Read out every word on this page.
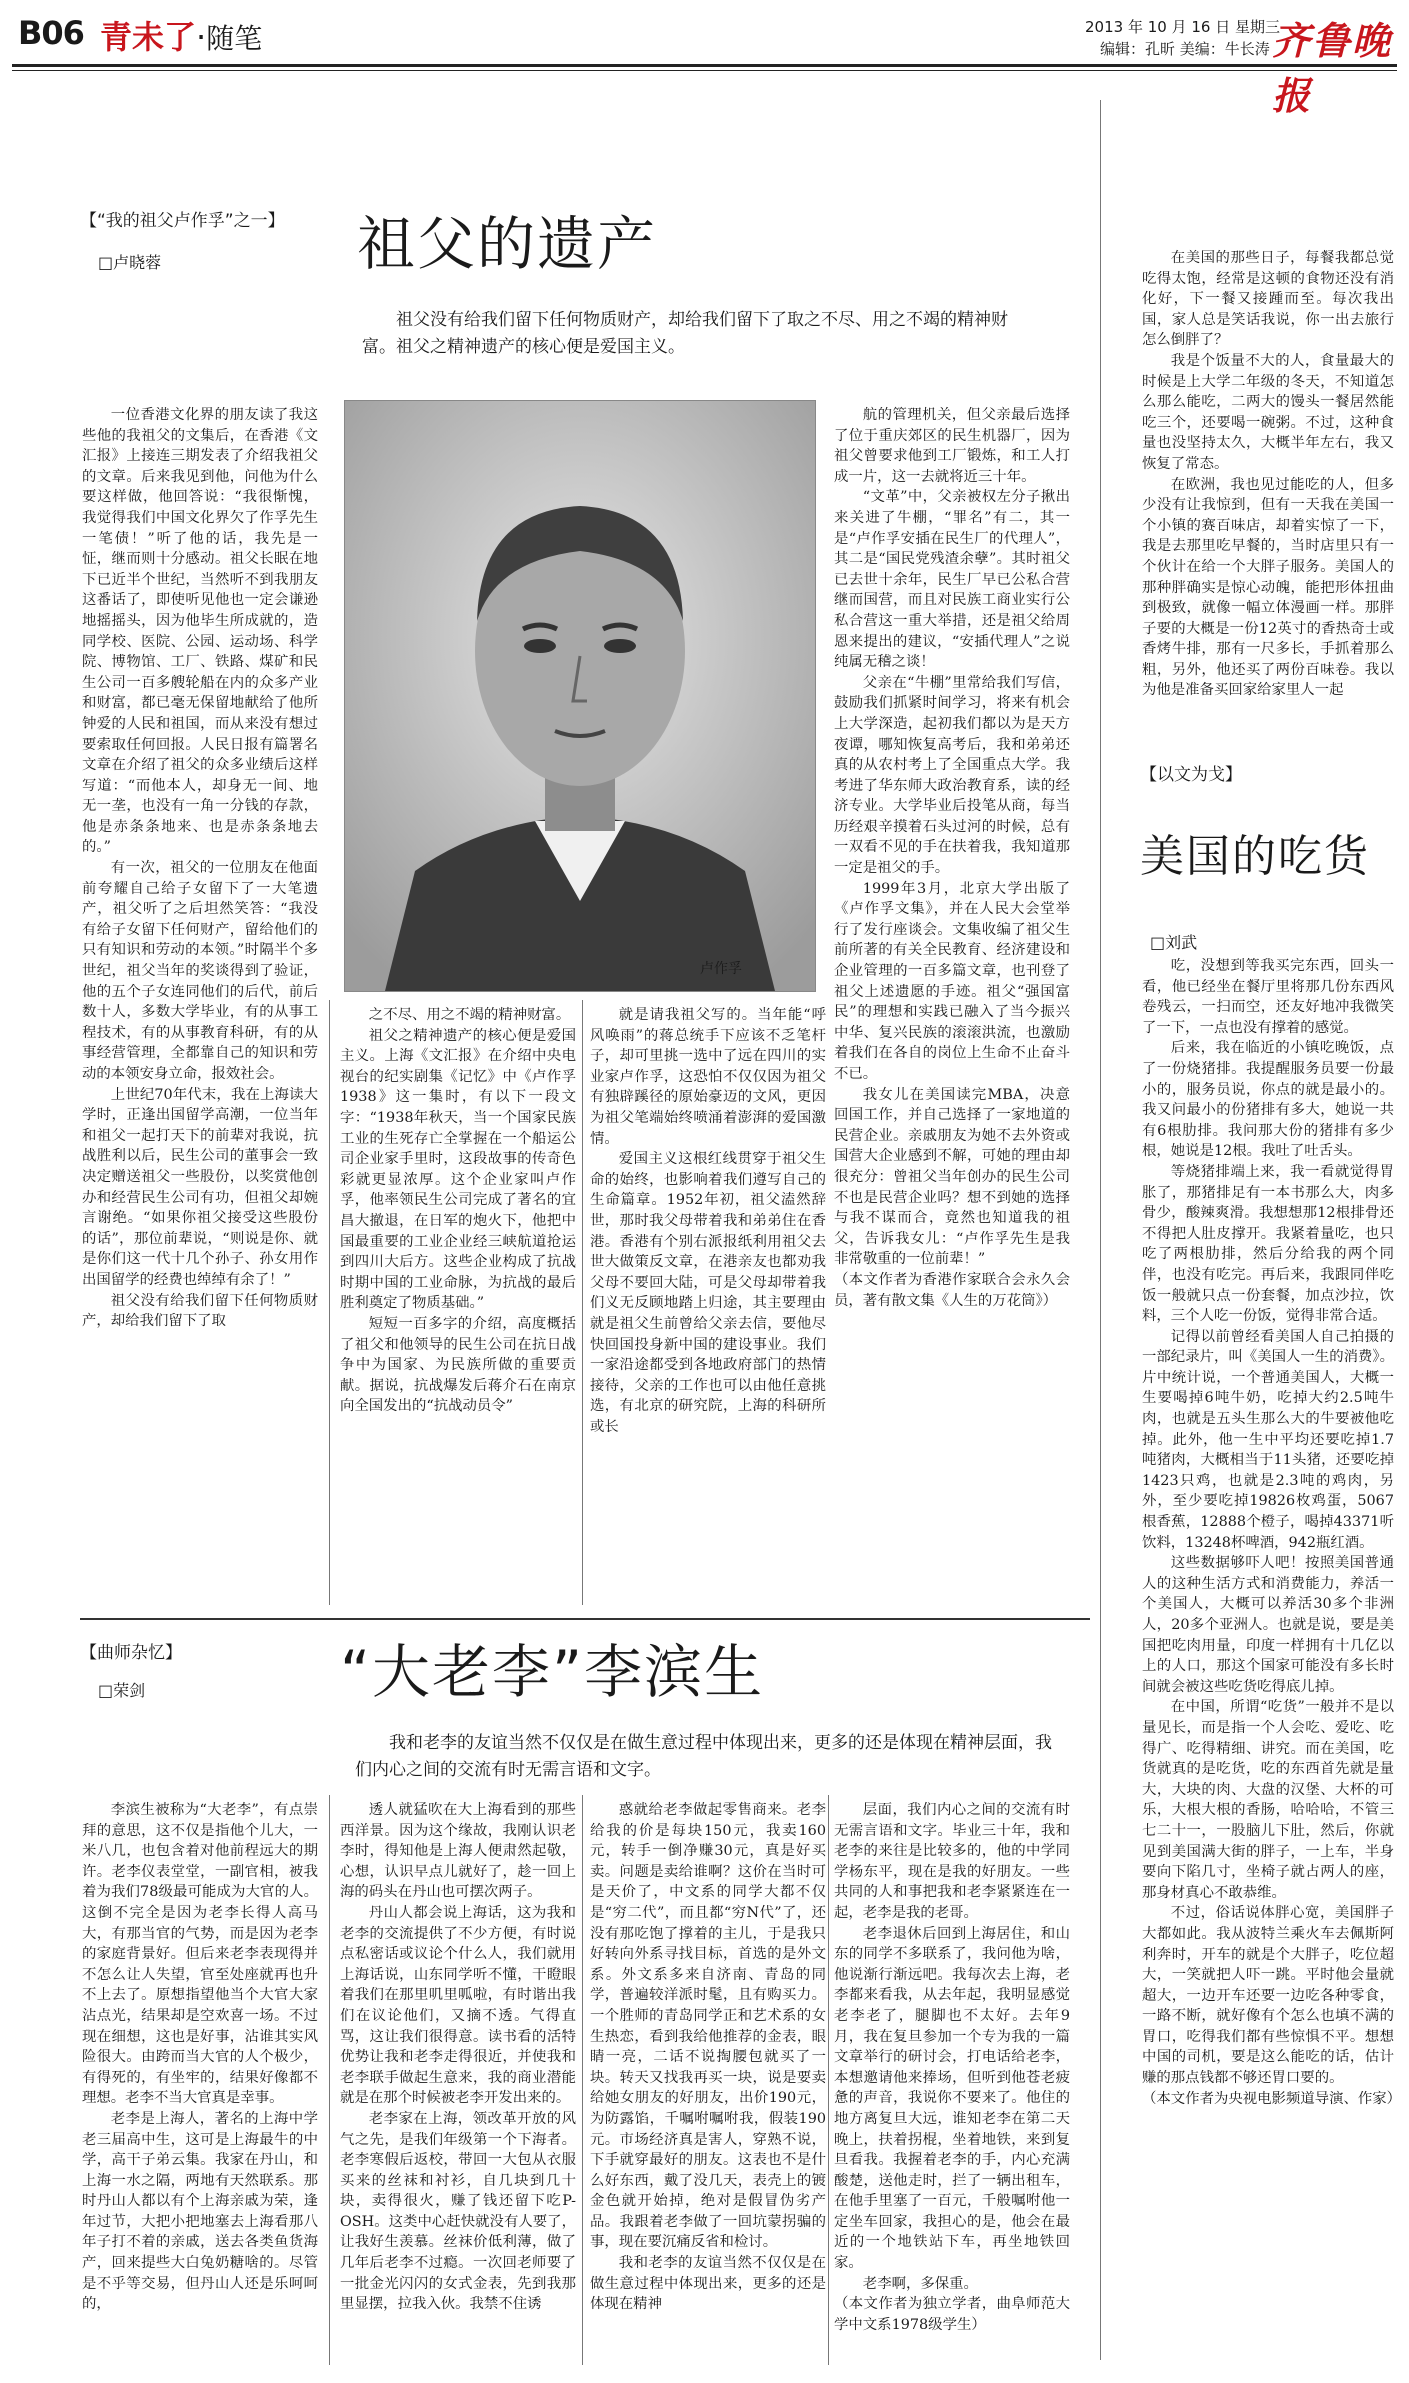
B06 青未了·随笔	2013 年 10 月 16 日 星期三
编辑：孔昕 美编：牛长涛 齐鲁晚报
【“我的祖父卢作孚”之一】
□卢晓蓉	祖父的遗产
祖父没有给我们留下任何物质财产，却给我们留下了取之不尽、用之不竭的精神财富。祖父之精神遗产的核心便是爱国主义。
卢作孚

一位香港文化界的朋友读了我这些他的我祖父的文集后，在香港《文汇报》上接连三期发表了介绍我祖父的文章。后来我见到他，问他为什么要这样做，他回答说：“我很惭愧，我觉得我们中国文化界欠了作孚先生一笔债！”听了他的话，我先是一怔，继而则十分感动。祖父长眠在地下已近半个世纪，当然听不到我朋友这番话了，即使听见他也一定会谦逊地摇摇头，因为他毕生所成就的，造同学校、医院、公园、运动场、科学院、博物馆、工厂、铁路、煤矿和民生公司一百多艘轮船在内的众多产业和财富，都已毫无保留地献给了他所钟爱的人民和祖国，而从来没有想过要索取任何回报。人民日报有篇署名文章在介绍了祖父的众多业绩后这样写道：“而他本人，却身无一间、地无一垄，也没有一角一分钱的存款，他是赤条条地来、也是赤条条地去的。”

有一次，祖父的一位朋友在他面前夸耀自己给子女留下了一大笔遗产，祖父听了之后坦然笑答：“我没有给子女留下任何财产，留给他们的只有知识和劳动的本领。”时隔半个多世纪，祖父当年的奖谈得到了验证，他的五个子女连同他们的后代，前后数十人，多数大学毕业，有的从事工程技术，有的从事教育科研，有的从事经营管理，全都靠自己的知识和劳动的本领安身立命，报效社会。

上世纪70年代末，我在上海读大学时，正逢出国留学高潮，一位当年和祖父一起打天下的前辈对我说，抗战胜利以后，民生公司的董事会一致决定赠送祖父一些股份，以奖赏他创办和经营民生公司有功，但祖父却婉言谢绝。“如果你祖父接受这些股份的话”，那位前辈说，“则说是你、就是你们这一代十几个孙子、孙女用作出国留学的经费也绰绰有余了！”

祖父没有给我们留下任何物质财产，却给我们留下了取

之不尽、用之不竭的精神财富。

祖父之精神遗产的核心便是爱国主义。上海《文汇报》在介绍中央电视台的纪实剧集《记忆》中《卢作孚1938》这一集时，有以下一段文字：“1938年秋天，当一个国家民族工业的生死存亡全掌握在一个船运公司企业家手里时，这段故事的传奇色彩就更显浓厚。这个企业家叫卢作孚，他率领民生公司完成了著名的宜昌大撤退，在日军的炮火下，他把中国最重要的工业企业经三峡航道抢运到四川大后方。这些企业构成了抗战时期中国的工业命脉，为抗战的最后胜利奠定了物质基础。”

短短一百多字的介绍，高度概括了祖父和他领导的民生公司在抗日战争中为国家、为民族所做的重要贡献。据说，抗战爆发后蒋介石在南京向全国发出的“抗战动员令”

就是请我祖父写的。当年能“呼风唤雨”的蒋总统手下应该不乏笔杆子，却可里挑一选中了远在四川的实业家卢作孚，这恐怕不仅仅因为祖父有独辟蹊径的原始豪迈的文风，更因为祖父笔端始终喷涌着澎湃的爱国激情。

爱国主义这根红线贯穿于祖父生命的始终，也影响着我们遵写自己的生命篇章。1952年初，祖父溘然辞世，那时我父母带着我和弟弟住在香港。香港有个别右派报纸利用祖父去世大做策反文章，在港亲友也都劝我父母不要回大陆，可是父母却带着我们义无反顾地踏上归途，其主要理由就是祖父生前曾给父亲去信，要他尽快回国投身新中国的建设事业。我们一家沿途都受到各地政府部门的热情接待，父亲的工作也可以由他任意挑选，有北京的研究院，上海的科研所或长

航的管理机关，但父亲最后选择了位于重庆郊区的民生机器厂，因为祖父曾要求他到工厂锻炼，和工人打成一片，这一去就将近三十年。

“文革”中，父亲被权左分子揪出来关进了牛棚，“罪名”有二，其一是“卢作孚安插在民生厂的代理人”，其二是“国民党残渣余孽”。其时祖父已去世十余年，民生厂早已公私合营继而国营，而且对民族工商业实行公私合营这一重大举措，还是祖父给周恩来提出的建议，“安插代理人”之说纯属无稽之谈！

父亲在“牛棚”里常给我们写信，鼓励我们抓紧时间学习，将来有机会上大学深造，起初我们都以为是天方夜谭，哪知恢复高考后，我和弟弟还真的从农村考上了全国重点大学。我考进了华东师大政治教育系，读的经济专业。大学毕业后投笔从商，每当历经艰辛摸着石头过河的时候，总有一双看不见的手在扶着我，我知道那一定是祖父的手。

1999年3月，北京大学出版了《卢作孚文集》，并在人民大会堂举行了发行座谈会。文集收编了祖父生前所著的有关全民教育、经济建设和企业管理的一百多篇文章，也刊登了祖父上述遗愿的手迹。祖父“强国富民”的理想和实践已融入了当今振兴中华、复兴民族的滚滚洪流，也激励着我们在各自的岗位上生命不止奋斗不已。

我女儿在美国读完MBA，决意回国工作，并自己选择了一家地道的民营企业。亲戚朋友为她不去外资或国营大企业感到不解，可她的理由却很充分：曾祖父当年创办的民生公司不也是民营企业吗？想不到她的选择与我不谋而合，竟然也知道我的祖父，告诉我女儿：“卢作孚先生是我非常敬重的一位前辈！”

（本文作者为香港作家联合会永久会员，著有散文集《人生的万花筒》）

在美国的那些日子，每餐我都总觉吃得太饱，经常是这顿的食物还没有消化好，下一餐又接踵而至。每次我出国，家人总是笑话我说，你一出去旅行怎么倒胖了？

我是个饭量不大的人，食量最大的时候是上大学二年级的冬天，不知道怎么那么能吃，二两大的馒头一餐居然能吃三个，还要喝一碗粥。不过，这种食量也没坚持太久，大概半年左右，我又恢复了常态。

在欧洲，我也见过能吃的人，但多少没有让我惊到，但有一天我在美国一个小镇的赛百味店，却着实惊了一下，我是去那里吃早餐的，当时店里只有一个伙计在给一个大胖子服务。美国人的那种胖确实是惊心动魄，能把形体扭曲到极致，就像一幅立体漫画一样。那胖子要的大概是一份12英寸的香热奇士或香烤牛排，那有一尺多长，手抓着那么粗，另外，他还买了两份百味卷。我以为他是准备买回家给家里人一起

【以文为戈】
美国的吃货
□刘武

吃，没想到等我买完东西，回头一看，他已经坐在餐厅里将那几份东西风卷残云，一扫而空，还友好地冲我微笑了一下，一点也没有撑着的感觉。

后来，我在临近的小镇吃晚饭，点了一份烧猪排。我提醒服务员要一份最小的，服务员说，你点的就是最小的。我又问最小的份猪排有多大，她说一共有6根肋排。我问那大份的猪排有多少根，她说是12根。我吐了吐舌头。

等烧猪排端上来，我一看就觉得胃胀了，那猪排足有一本书那么大，肉多骨少，酸辣爽滑。我想想那12根排骨还不得把人肚皮撑开。我紧着量吃，也只吃了两根肋排，然后分给我的两个同伴，也没有吃完。再后来，我跟同伴吃饭一般就只点一份套餐，加点沙拉，饮料，三个人吃一份饭，觉得非常合适。

记得以前曾经看美国人自己拍摄的一部纪录片，叫《美国人一生的消费》。片中统计说，一个普通美国人，大概一生要喝掉6吨牛奶，吃掉大约2.5吨牛肉，也就是五头生那么大的牛要被他吃掉。此外，他一生中平均还要吃掉1.7吨猪肉，大概相当于11头猪，还要吃掉1423只鸡，也就是2.3吨的鸡肉，另外，至少要吃掉19826枚鸡蛋，5067根香蕉，12888个橙子，喝掉43371听饮料，13248杯啤酒，942瓶红酒。

这些数据够吓人吧！按照美国普通人的这种生活方式和消费能力，养活一个美国人，大概可以养活30多个非洲人，20多个亚洲人。也就是说，要是美国把吃肉用量，印度一样拥有十几亿以上的人口，那这个国家可能没有多长时间就会被这些吃货吃得底儿掉。

在中国，所谓“吃货”一般并不是以量见长，而是指一个人会吃、爱吃、吃得广、吃得精细、讲究。而在美国，吃货就真的是吃货，吃的东西首先就是量大，大块的肉、大盘的汉堡、大杯的可乐，大根大根的香肠，哈哈哈，不管三七二十一，一股脑儿下肚，然后，你就见到美国满大街的胖子，一上车，半身要向下陷几寸，坐椅子就占两人的座，那身材真心不敢恭维。

不过，俗话说体胖心宽，美国胖子大都如此。我从波特兰乘火车去佩斯阿利奔时，开车的就是个大胖子，吃位超大，一笑就把人吓一跳。平时他会量就超大，一边开车还要一边吃各种零食，一路不断，就好像有个怎么也填不满的胃口，吃得我们都有些惊惧不平。想想中国的司机，要是这么能吃的话，估计赚的那点钱都不够还胃口要的。

（本文作者为央视电影频道导演、作家）

【曲师杂忆】
□荣剑	“大老李”李滨生
我和老李的友谊当然不仅仅是在做生意过程中体现出来，更多的还是体现在精神层面，我们内心之间的交流有时无需言语和文字。

李滨生被称为“大老李”，有点崇拜的意思，这不仅是指他个儿大，一米八几，也包含着对他前程远大的期许。老李仪表堂堂，一副官相，被我着为我们78级最可能成为大官的人。这倒不完全是因为老李长得人高马大，有那当官的气势，而是因为老李的家庭背景好。但后来老李表现得并不怎么让人失望，官至处座就再也升不上去了。原想指望他当个大官大家沾点光，结果却是空欢喜一场。不过现在细想，这也是好事，沾谁其实风险很大。由跨而当大官的人个极少，有得死的，有坐牢的，结果好像都不理想。老李不当大官真是幸事。

老李是上海人，著名的上海中学老三届高中生，这可是上海最牛的中学，高干子弟云集。我家在丹山，和上海一水之隔，两地有天然联系。那时丹山人都以有个上海亲戚为荣，逢年过节，大把小把地塞去上海看那八年子打不着的亲戚，送去各类鱼货海产，回来提些大白兔奶糖啥的。尽管是不乎等交易，但丹山人还是乐呵呵的，

透人就猛吹在大上海看到的那些西洋景。因为这个缘故，我刚认识老李时，得知他是上海人便肃然起敬，心想，认识早点儿就好了，趁一回上海的码头在丹山也可摆次两子。

丹山人都会说上海话，这为我和老李的交流提供了不少方便，有时说点私密话或议论个什么人，我们就用上海话说，山东同学听不懂，干瞪眼着我们在那里叽里呱啦，有时谐出我们在议论他们，又摘不透。气得直骂，这让我们很得意。读书看的活特优势让我和老李走得很近，并使我和老李联手做起生意来，我的商业潜能就是在那个时候被老李开发出来的。

老李家在上海，领改革开放的风气之先，是我们年级第一个下海者。老李寒假后返校，带回一大包从衣服买来的丝袜和衬衫，自几块到几十块，卖得很火，赚了钱还留下吃P-OSH。这类中心赶快就没有人要了，让我好生羡慕。丝袜价低利薄，做了几年后老李不过瘾。一次回老师要了一批金光闪闪的女式金表，先到我那里显摆，拉我入伙。我禁不住诱

惑就给老李做起零售商来。老李给我的价是每块150元，我卖160元，转手一倒净赚30元，真是好买卖。问题是卖给谁啊？这价在当时可是天价了，中文系的同学大都不仅是“穷二代”，而且都“穷N代”了，还没有那吃饱了撑着的主儿，于是我只好转向外系寻找目标，首选的是外文系。外文系多来自济南、青岛的同学，普遍较洋派时髦，且有购买力。一个胜师的青岛同学正和艺术系的女生热恋，看到我给他推荐的金表，眼睛一亮，二话不说掏腰包就买了一块。转天又找我再买一块，说是要卖给她女朋友的好朋友，出价190元，为防露馅，千嘱咐嘱咐我，假装190元。市场经济真是害人，穿熟不说，下手就穿最好的朋友。这表也不是什么好东西，戴了没几天，表壳上的镀金色就开始掉，绝对是假冒伪劣产品。我跟着老李做了一回坑蒙拐骗的事，现在要沉痛反省和检讨。

我和老李的友谊当然不仅仅是在做生意过程中体现出来，更多的还是体现在精神

层面，我们内心之间的交流有时无需言语和文字。毕业三十年，我和老李的来往是比较多的，他的中学同学杨东平，现在是我的好朋友。一些共同的人和事把我和老李紧紧连在一起，老李是我的老哥。

老李退休后回到上海居住，和山东的同学不多联系了，我问他为啥，他说渐行渐远吧。我每次去上海，老李都来看我，从去年起，我明显感觉老李老了，腿脚也不太好。去年9月，我在复旦参加一个专为我的一篇文章举行的研讨会，打电话给老李，本想邀请他来捧场，但听到他苍老疲惫的声音，我说你不要来了。他住的地方离复旦大远，谁知老李在第二天晚上，扶着拐棍，坐着地铁，来到复旦看我。我握着老李的手，内心充满酸楚，送他走时，拦了一辆出租车，在他手里塞了一百元，千般嘱咐他一定坐车回家，我担心的是，他会在最近的一个地铁站下车，再坐地铁回家。

老李啊，多保重。

（本文作者为独立学者，曲阜师范大学中文系1978级学生）
